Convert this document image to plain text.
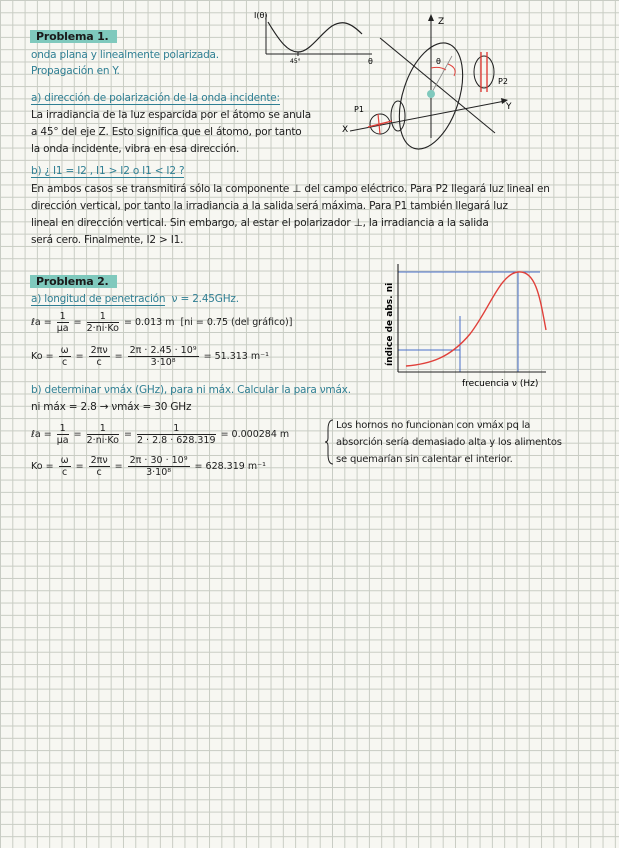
Problema 1.
onda plana y linealmente polarizada.
Propagación en Y.
a) dirección de polarización de la onda incidente:
La irradiancia de la luz esparcida por el átomo se anula
a 45° del eje Z. Esto significa que el átomo, por tanto
la onda incidente, vibra en esa dirección.
b) ¿ I1 = I2 , I1 > I2 o I1 < I2 ?
En ambos casos se transmitirá sólo la componente ⊥ del campo eléctrico. Para P2 llegará luz lineal en
dirección vertical, por tanto la irradiancia a la salida será máxima. Para P1 también llegará luz
lineal en dirección vertical. Sin embargo, al estar el polarizador ⊥, la irradiancia a la salida
será cero. Finalmente, I2 > I1.
I(θ)
45°	θ
Z
Y
X
P1
P2
θ
Problema 2.
a) longitud de penetración ν = 2.45GHz.
ℓa = $\frac{1}{\mu a} = \frac{1}{2\cdot ni\cdot Ko} = 0.013$ m [ni = 0.75 (del gráfico)]
$Ko = \frac{\omega}{c} = \frac{2\pi\nu}{c} = \frac{\text{2π · 2.45 · 10⁹}}{\text{3·10⁸}} = 51.313$ m⁻¹
b) determinar νmáx (GHz), para ni máx. Calcular la para νmáx.
ni máx = 2.8 → νmáx = 30 GHz
ℓa = $\frac{1}{\mu a} = \frac{1}{2\cdot ni\cdot Ko} = \frac{1}{2 \cdot 2.8 \cdot 628.319} = 0.000284$ m
$Ko = \frac{\omega}{c} = \frac{2\pi\nu}{c} = \frac{\text{2π · 30 · 10⁹}}{\text{3·10⁸}} = 628.319$ m⁻¹
Los hornos no funcionan con νmáx pq la
absorción sería demasiado alta y los alimentos
se quemarían sin calentar el interior.
índice de abs. ni
frecuencia ν (Hz)
